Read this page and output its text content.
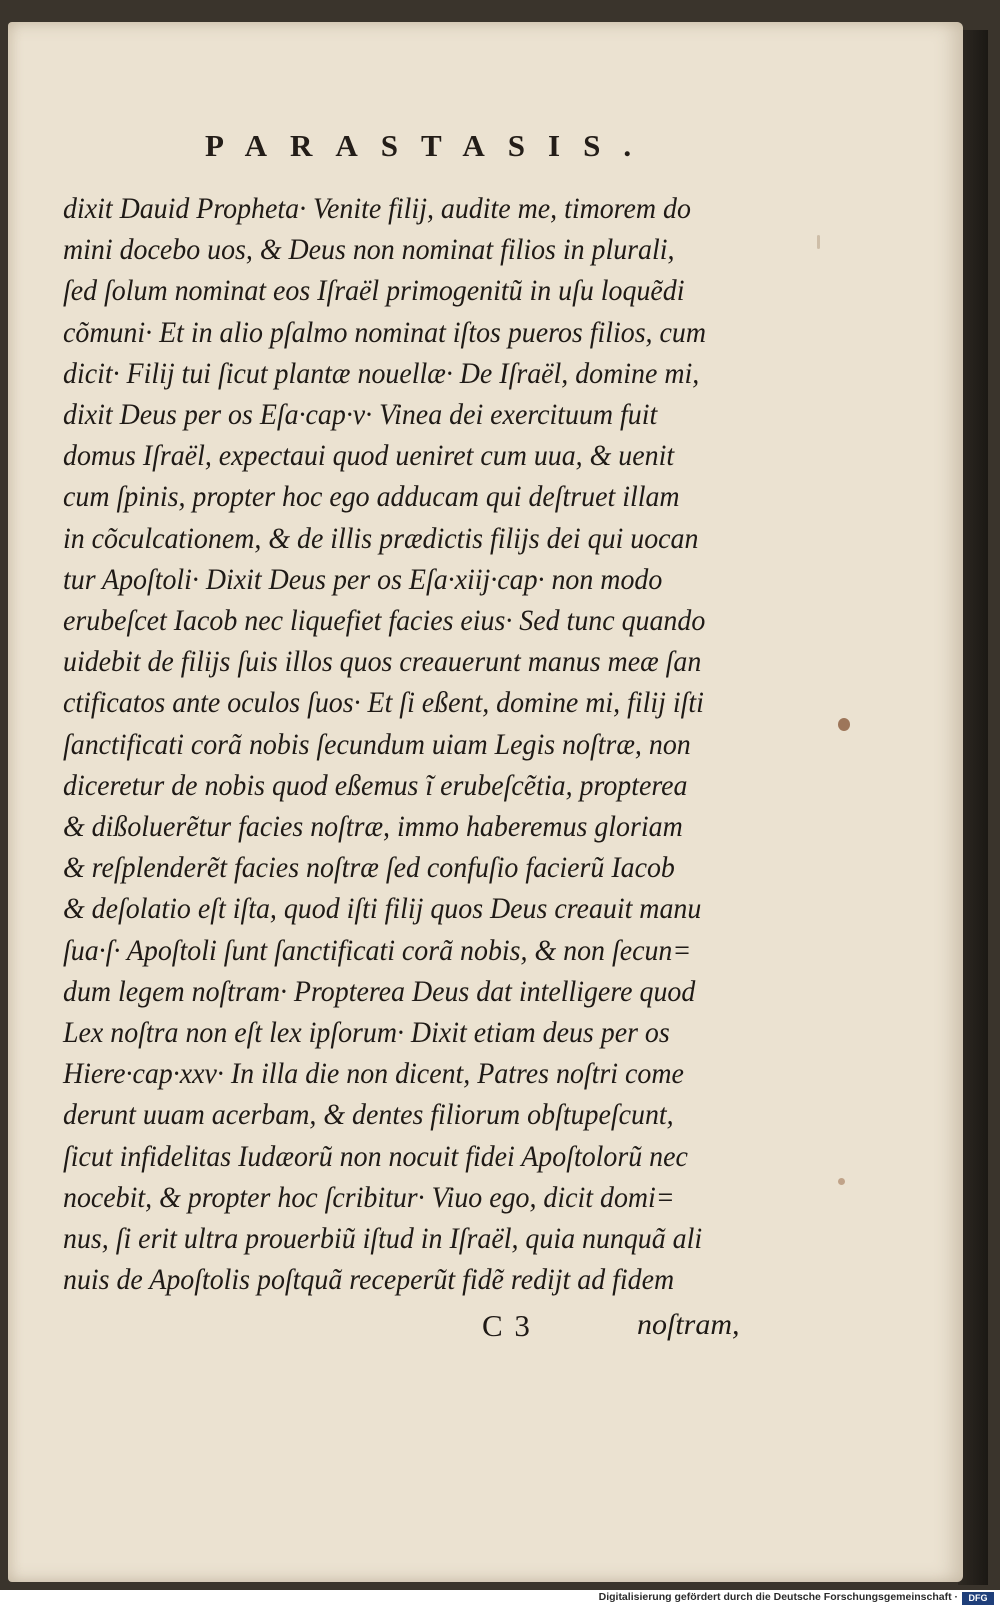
PARASTASIS.
dixit Dauid Propheta· Venite filij, audite me, timorem do
mini docebo uos, & Deus non nominat filios in plurali,
ſed ſolum nominat eos Iſraël primogenitũ in uſu loquẽdi
cõmuni· Et in alio pſalmo nominat iſtos pueros filios, cum
dicit· Filij tui ſicut plantæ nouellæ· De Iſraël, domine mi,
dixit Deus per os Eſa·cap·v· Vinea dei exercituum fuit
domus Iſraël, expectaui quod ueniret cum uua, & uenit
cum ſpinis, propter hoc ego adducam qui deſtruet illam
in cõculcationem, & de illis prædictis filijs dei qui uocan
tur Apoſtoli· Dixit Deus per os Eſa·xiij·cap· non modo
erubeſcet Iacob nec liquefiet facies eius· Sed tunc quando
uidebit de filijs ſuis illos quos creauerunt manus meæ ſan
ctificatos ante oculos ſuos· Et ſi eßent, domine mi, filij iſti
ſanctificati corã nobis ſecundum uiam Legis noſtræ, non
diceretur de nobis quod eßemus ĩ erubeſcẽtia, propterea
& dißoluerẽtur facies noſtræ, immo haberemus gloriam
& reſplenderẽt facies noſtræ ſed confuſio facierũ Iacob
& deſolatio eſt iſta, quod iſti filij quos Deus creauit manu
ſua·ſ· Apoſtoli ſunt ſanctificati corã nobis, & non ſecun=
dum legem noſtram· Propterea Deus dat intelligere quod
Lex noſtra non eſt lex ipſorum· Dixit etiam deus per os
Hiere·cap·xxv· In illa die non dicent, Patres noſtri come
derunt uuam acerbam, & dentes filiorum obſtupeſcunt,
ſicut infidelitas Iudæorũ non nocuit fidei Apoſtolorũ nec
nocebit, & propter hoc ſcribitur· Viuo ego, dicit domi=
nus, ſi erit ultra prouerbiũ iſtud in Iſraël, quia nunquã ali
nuis de Apoſtolis poſtquã receperũt fidẽ redijt ad fidem
C 3	noſtram,
Digitalisierung gefördert durch die Deutsche Forschungsgemeinschaft ·	DFG
